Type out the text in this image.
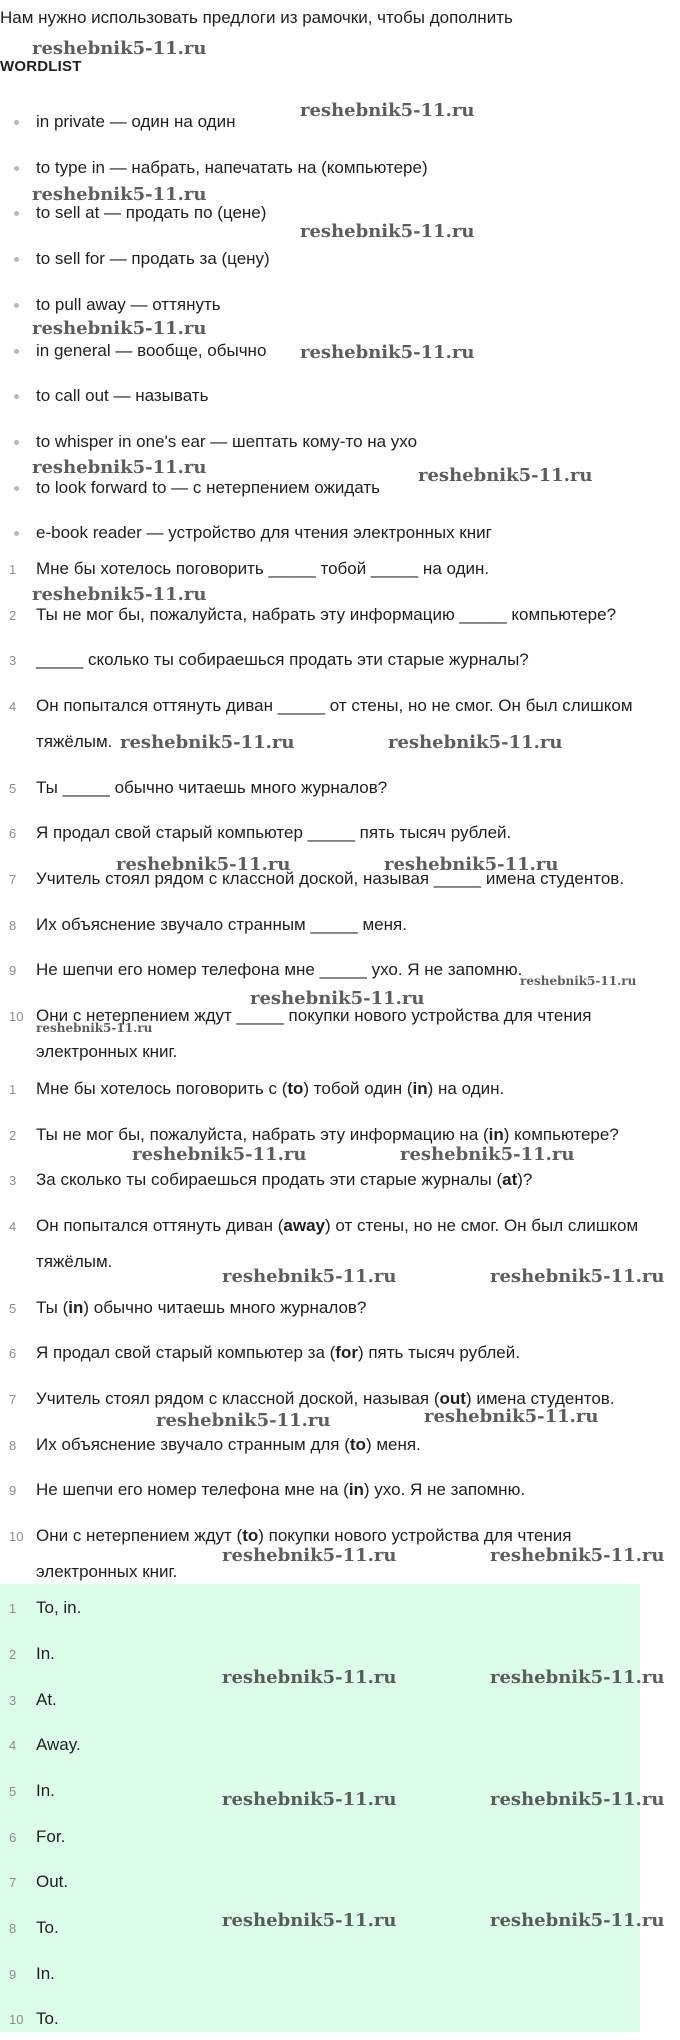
Нам нужно использовать предлоги из рамочки, чтобы дополнить
WORDLIST
in private — один на один
to type in — набрать, напечатать на (компьютере)
to sell at — продать по (цене)
to sell for — продать за (цену)
to pull away — оттянуть
in general — вообще, обычно
to call out — называть
to whisper in one's ear — шептать кому-то на ухо
to look forward to — с нетерпением ожидать
e-book reader — устройство для чтения электронных книг
1	Мне бы хотелось поговорить _____ тобой _____ на один.
2	Ты не мог бы, пожалуйста, набрать эту информацию _____ компьютере?
3	_____ сколько ты собираешься продать эти старые журналы?
4	Он попытался оттянуть диван _____ от стены, но не смог. Он был слишком тяжёлым.
5	Ты _____ обычно читаешь много журналов?
6	Я продал свой старый компьютер _____ пять тысяч рублей.
7	Учитель стоял рядом с классной доской, называя _____ имена студентов.
8	Их объяснение звучало странным _____ меня.
9	Не шепчи его номер телефона мне _____ ухо. Я не запомню.
10 Они с нетерпением ждут _____ покупки нового устройства для чтения электронных книг.
1	Мне бы хотелось поговорить с (to) тобой один (in) на один.
2	Ты не мог бы, пожалуйста, набрать эту информацию на (in) компьютере?
3	За сколько ты собираешься продать эти старые журналы (at)?
4	Он попытался оттянуть диван (away) от стены, но не смог. Он был слишком тяжёлым.
5	Ты (in) обычно читаешь много журналов?
6	Я продал свой старый компьютер за (for) пять тысяч рублей.
7	Учитель стоял рядом с классной доской, называя (out) имена студентов.
8	Их объяснение звучало странным для (to) меня.
9	Не шепчи его номер телефона мне на (in) ухо. Я не запомню.
10 Они с нетерпением ждут (to) покупки нового устройства для чтения электронных книг.
1	To, in.
2	In.
3	At.
4	Away.
5	In.
6	For.
7	Out.
8	To.
9	In.
10 To.
reshebnik5-11.ru
reshebnik5-11.ru
reshebnik5-11.ru
reshebnik5-11.ru
reshebnik5-11.ru
reshebnik5-11.ru
reshebnik5-11.ru	reshebnik5-11.ru
reshebnik5-11.ru
reshebnik5-11.ru	reshebnik5-11.ru
reshebnik5-11.ru	reshebnik5-11.ru
reshebnik5-11.ru
reshebnik5-11.ru
reshebnik5-11.ru
reshebnik5-11.ru	reshebnik5-11.ru
reshebnik5-11.ru	reshebnik5-11.ru
reshebnik5-11.ru	reshebnik5-11.ru
reshebnik5-11.ru	reshebnik5-11.ru
reshebnik5-11.ru	reshebnik5-11.ru
reshebnik5-11.ru	reshebnik5-11.ru
reshebnik5-11.ru	reshebnik5-11.ru
